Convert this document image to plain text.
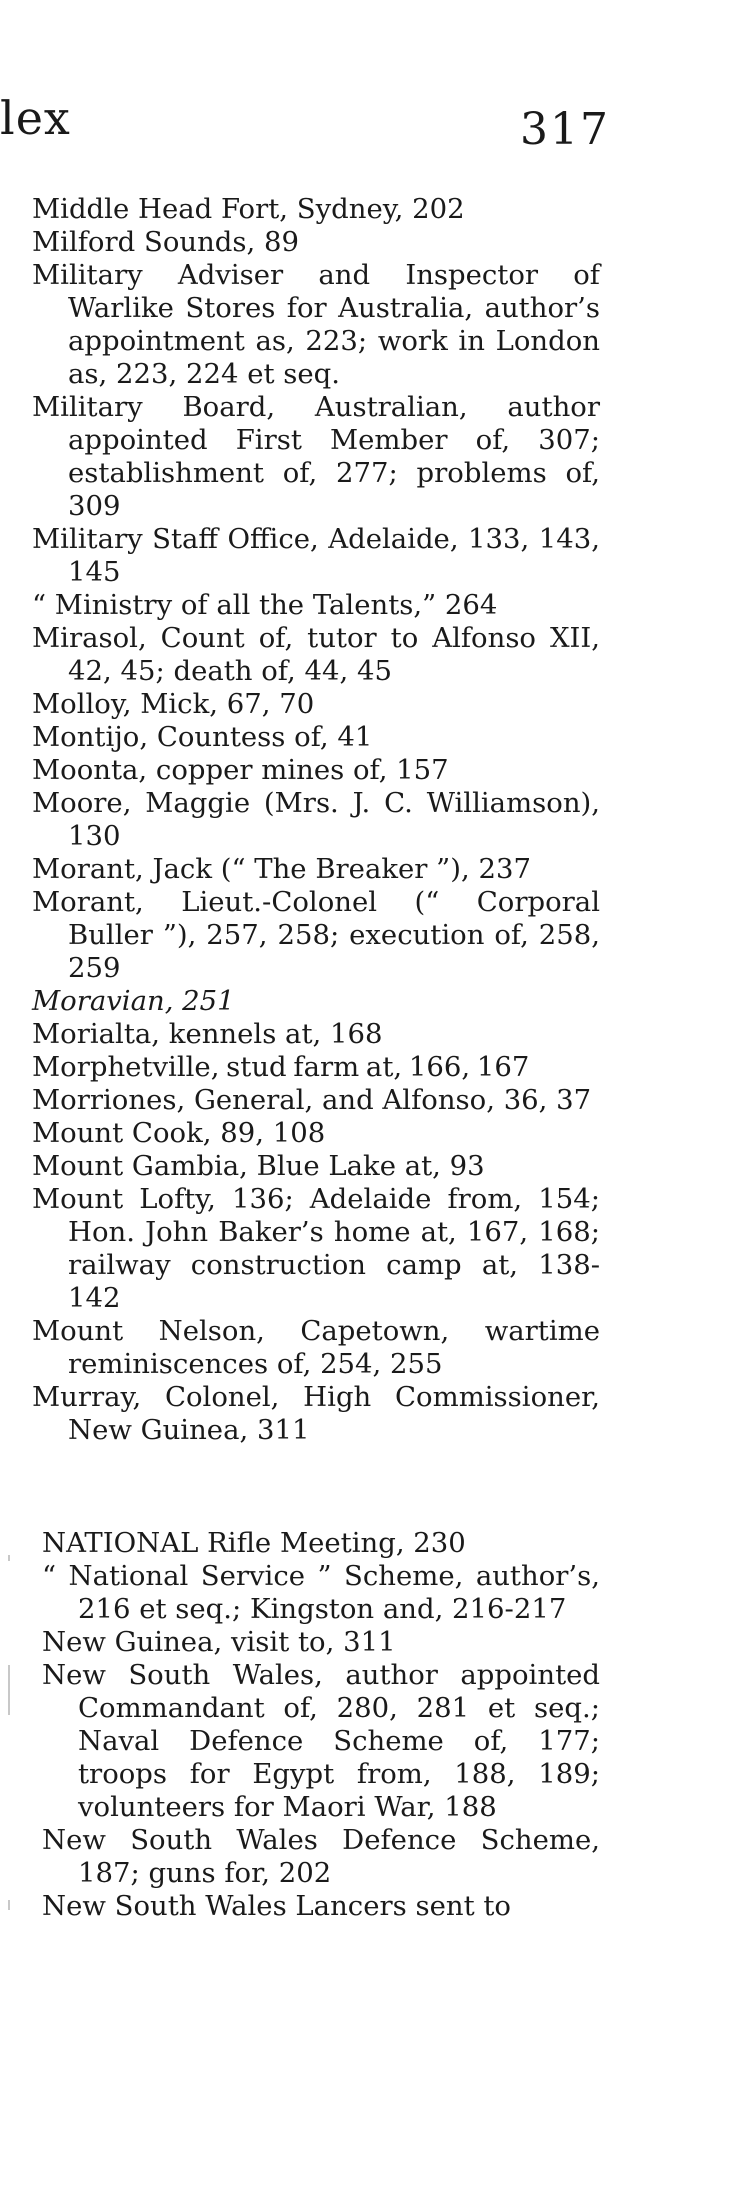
lex	317
Middle Head Fort, Sydney, 202
Milford Sounds, 89
Military Adviser and Inspector of Warlike Stores for Australia, author’s appointment as, 223; work in London as, 223, 224 et seq.
Military Board, Australian, author appointed First Member of, 307; establishment of, 277; problems of, 309
Military Staff Office, Adelaide, 133, 143, 145
“ Ministry of all the Talents,” 264
Mirasol, Count of, tutor to Alfonso XII, 42, 45; death of, 44, 45
Molloy, Mick, 67, 70
Montijo, Countess of, 41
Moonta, copper mines of, 157
Moore, Maggie (Mrs. J. C. Williamson), 130
Morant, Jack (“ The Breaker ”), 237
Morant, Lieut.-Colonel (“ Corporal Buller ”), 257, 258; execution of, 258, 259
Moravian, 251
Morialta, kennels at, 168
Morphetville, stud farm at, 166, 167
Morriones, General, and Alfonso, 36, 37
Mount Cook, 89, 108
Mount Gambia, Blue Lake at, 93
Mount Lofty, 136; Adelaide from, 154; Hon. John Baker’s home at, 167, 168; railway construction camp at, 138-142
Mount Nelson, Capetown, wartime reminiscences of, 254, 255
Murray, Colonel, High Commissioner, New Guinea, 311
NATIONAL Rifle Meeting, 230
“ National Service ” Scheme, author’s, 216 et seq.; Kingston and, 216-217
New Guinea, visit to, 311
New South Wales, author appointed Commandant of, 280, 281 et seq.; Naval Defence Scheme of, 177; troops for Egypt from, 188, 189; volunteers for Maori War, 188
New South Wales Defence Scheme, 187; guns for, 202
New South Wales Lancers sent to
